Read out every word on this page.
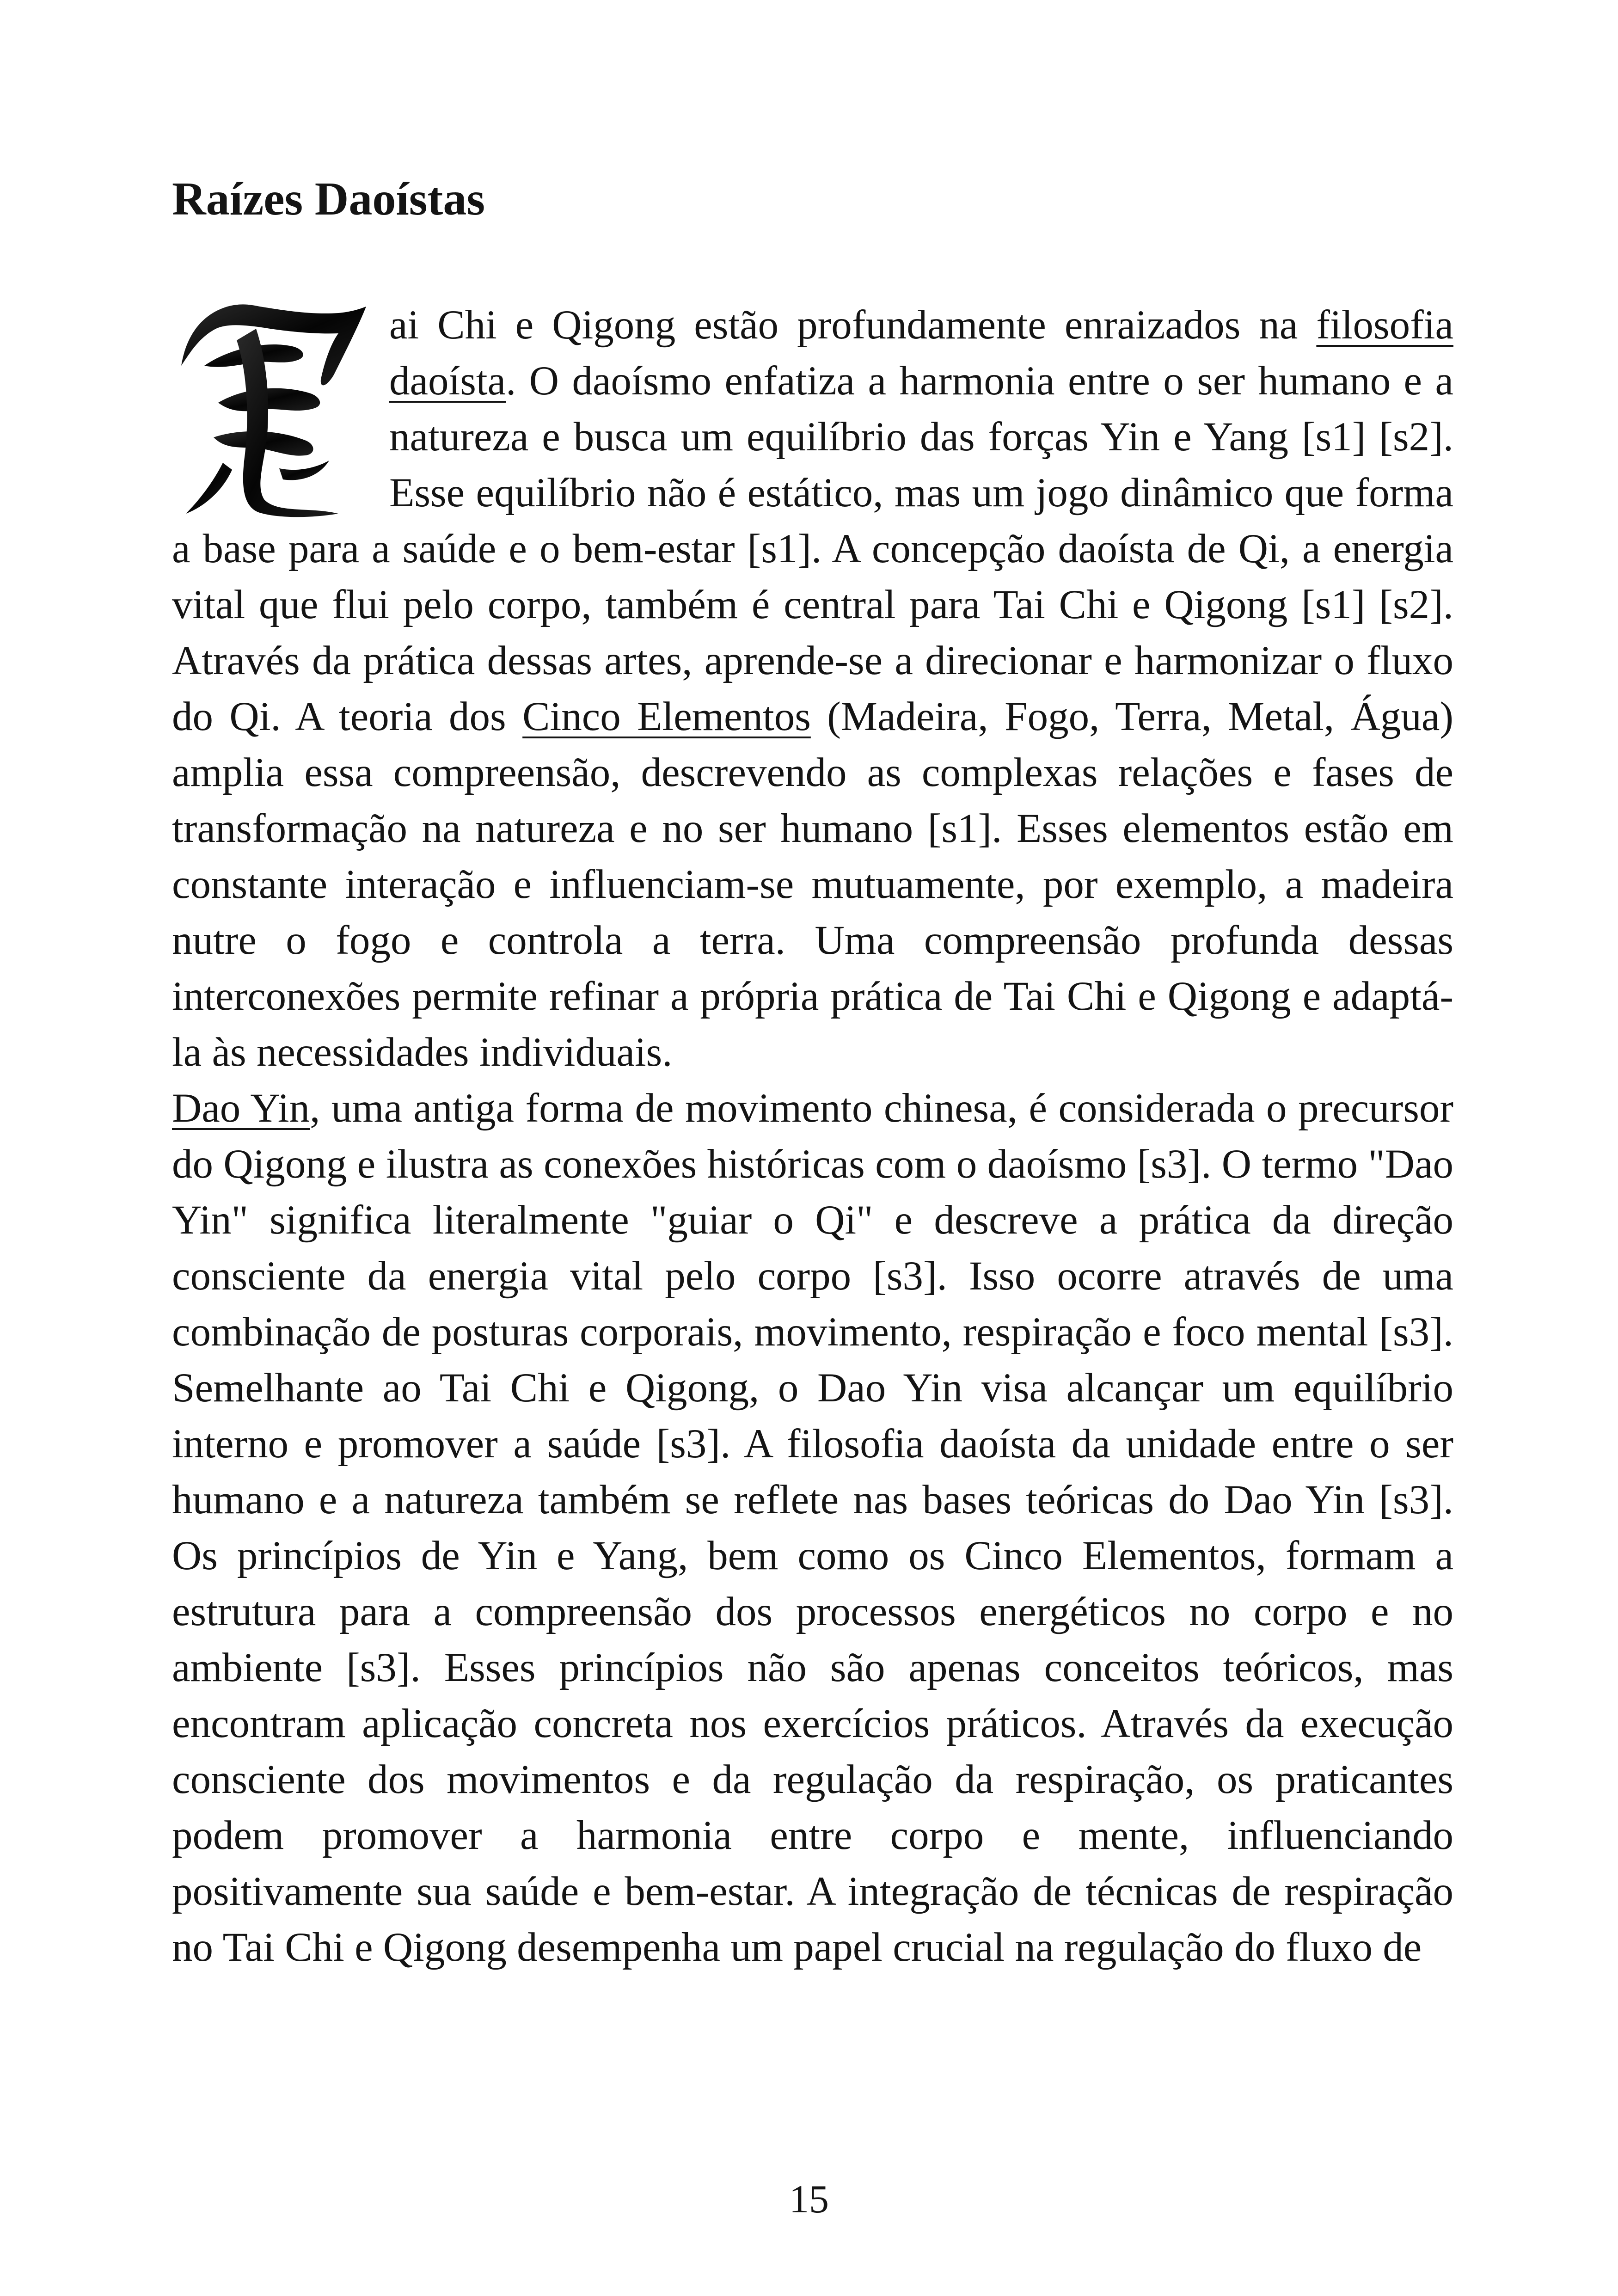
Raízes Daoístas

ai Chi e Qigong estão profundamente enraizados na filosofia daoísta. O daoísmo enfatiza a harmonia entre o ser humano e a natureza e busca um equilíbrio das forças Yin e Yang [s1] [s2]. Esse equilíbrio não é estático, mas um jogo dinâmico que forma a base para a saúde e o bem-estar [s1]. A concepção daoísta de Qi, a energia vital que flui pelo corpo, também é central para Tai Chi e Qigong [s1] [s2]. Através da prática dessas artes, aprende-se a direcionar e harmonizar o fluxo do Qi. A teoria dos Cinco Elementos (Madeira, Fogo, Terra, Metal, Água) amplia essa compreensão, descrevendo as complexas relações e fases de transformação na natureza e no ser humano [s1]. Esses elementos estão em constante interação e influenciam-se mutuamente, por exemplo, a madeira nutre o fogo e controla a terra. Uma compreensão profunda dessas interconexões permite refinar a própria prática de Tai Chi e Qigong e adaptá-la às necessidades individuais.

Dao Yin, uma antiga forma de movimento chinesa, é considerada o precursor do Qigong e ilustra as conexões históricas com o daoísmo [s3]. O termo "Dao Yin" significa literalmente "guiar o Qi" e descreve a prática da direção consciente da energia vital pelo corpo [s3]. Isso ocorre através de uma combinação de posturas corporais, movimento, respiração e foco mental [s3]. Semelhante ao Tai Chi e Qigong, o Dao Yin visa alcançar um equilíbrio interno e promover a saúde [s3]. A filosofia daoísta da unidade entre o ser humano e a natureza também se reflete nas bases teóricas do Dao Yin [s3]. Os princípios de Yin e Yang, bem como os Cinco Elementos, formam a estrutura para a compreensão dos processos energéticos no corpo e no ambiente [s3]. Esses princípios não são apenas conceitos teóricos, mas encontram aplicação concreta nos exercícios práticos. Através da execução consciente dos movimentos e da regulação da respiração, os praticantes podem promover a harmonia entre corpo e mente, influenciando positivamente sua saúde e bem-estar. A integração de técnicas de respiração no Tai Chi e Qigong desempenha um papel crucial na regulação do fluxo de

15
